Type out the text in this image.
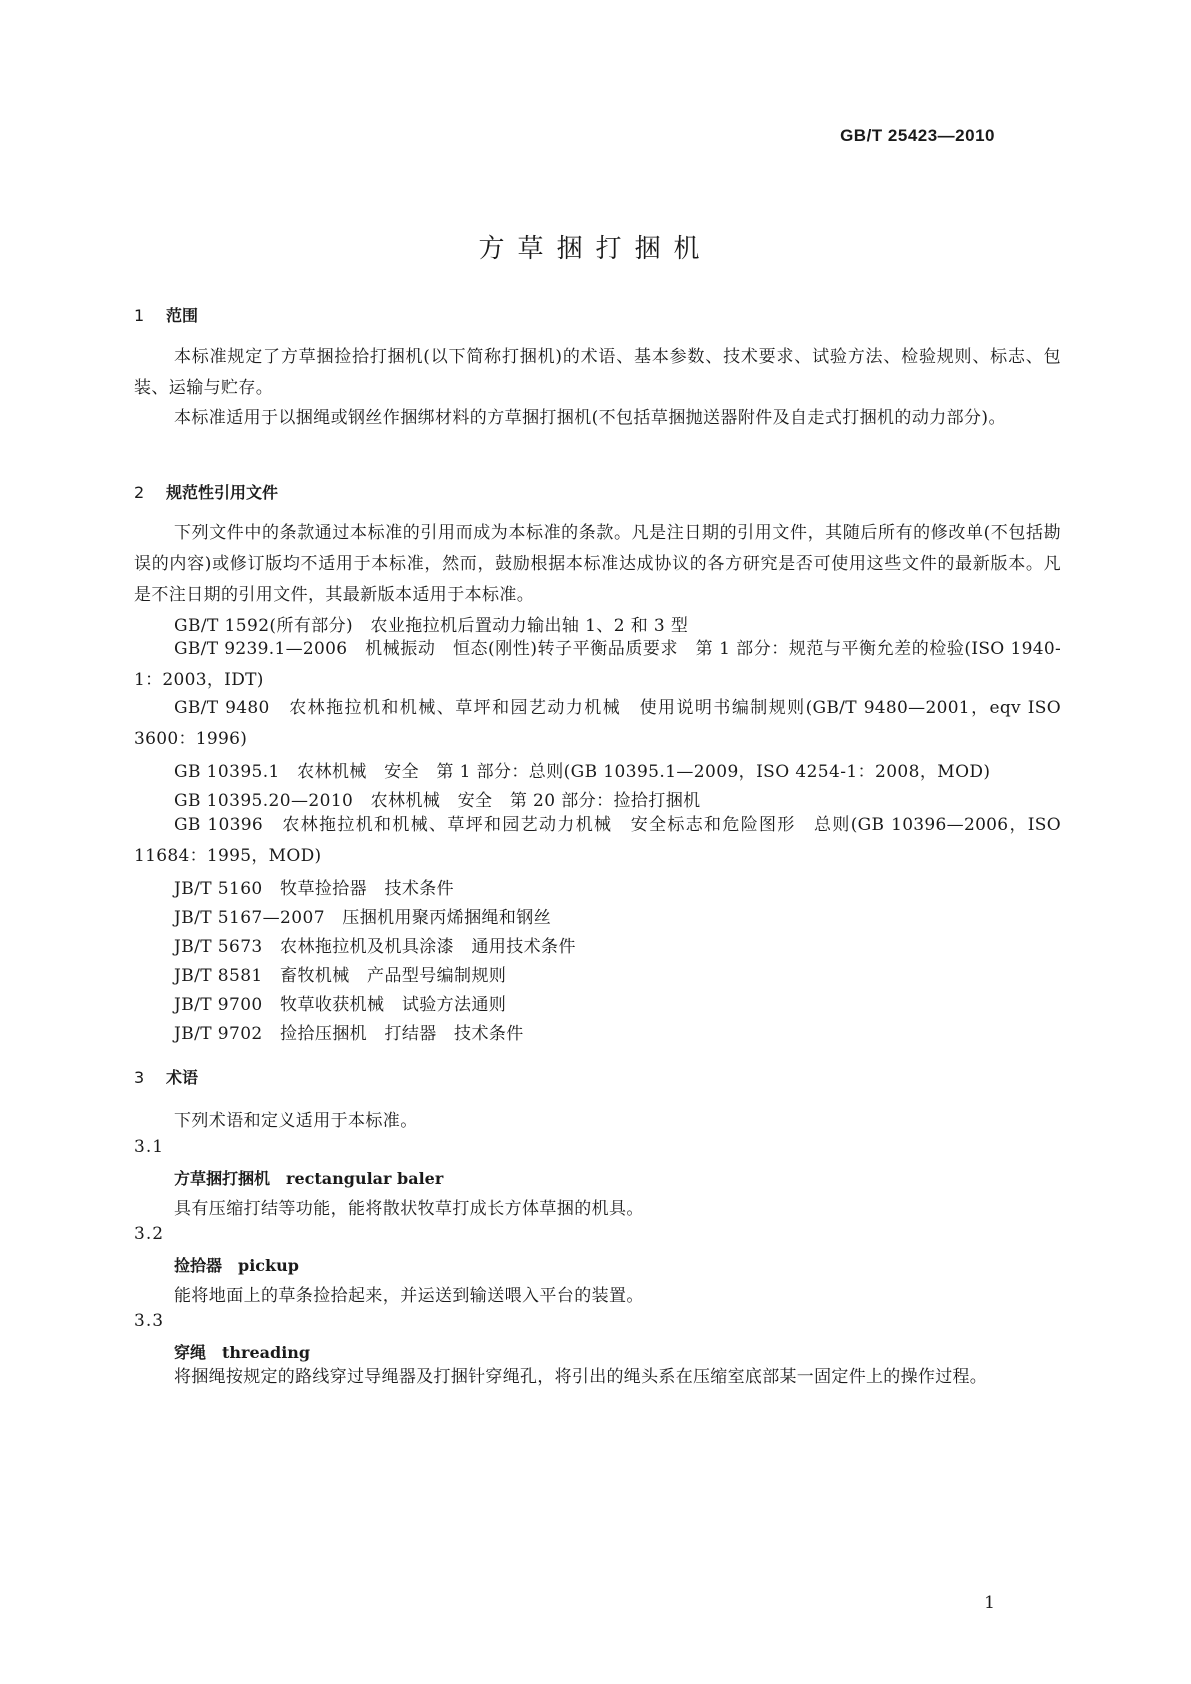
GB/T 25423—2010
方草捆打捆机
1 范围
本标准规定了方草捆捡拾打捆机(以下简称打捆机)的术语、基本参数、技术要求、试验方法、检验规则、标志、包装、运输与贮存。
本标准适用于以捆绳或钢丝作捆绑材料的方草捆打捆机(不包括草捆抛送器附件及自走式打捆机的动力部分)。
2 规范性引用文件
下列文件中的条款通过本标准的引用而成为本标准的条款。凡是注日期的引用文件，其随后所有的修改单(不包括勘误的内容)或修订版均不适用于本标准，然而，鼓励根据本标准达成协议的各方研究是否可使用这些文件的最新版本。凡是不注日期的引用文件，其最新版本适用于本标准。
GB/T 1592(所有部分)　农业拖拉机后置动力输出轴 1、2 和 3 型
GB/T 9239.1—2006　机械振动　恒态(刚性)转子平衡品质要求　第 1 部分：规范与平衡允差的检验(ISO 1940-1：2003，IDT)
GB/T 9480　农林拖拉机和机械、草坪和园艺动力机械　使用说明书编制规则(GB/T 9480—2001，eqv ISO 3600：1996)
GB 10395.1　农林机械　安全　第 1 部分：总则(GB 10395.1—2009，ISO 4254-1：2008，MOD)
GB 10395.20—2010　农林机械　安全　第 20 部分：捡拾打捆机
GB 10396　农林拖拉机和机械、草坪和园艺动力机械　安全标志和危险图形　总则(GB 10396—2006，ISO 11684：1995，MOD)
JB/T 5160　牧草捡拾器　技术条件
JB/T 5167—2007　压捆机用聚丙烯捆绳和钢丝
JB/T 5673　农林拖拉机及机具涂漆　通用技术条件
JB/T 8581　畜牧机械　产品型号编制规则
JB/T 9700　牧草收获机械　试验方法通则
JB/T 9702　捡拾压捆机　打结器　技术条件
3 术语
下列术语和定义适用于本标准。
3.1
方草捆打捆机 rectangular baler
具有压缩打结等功能，能将散状牧草打成长方体草捆的机具。
3.2
捡拾器 pickup
能将地面上的草条捡拾起来，并运送到输送喂入平台的装置。
3.3
穿绳 threading
将捆绳按规定的路线穿过导绳器及打捆针穿绳孔，将引出的绳头系在压缩室底部某一固定件上的操作过程。
1
